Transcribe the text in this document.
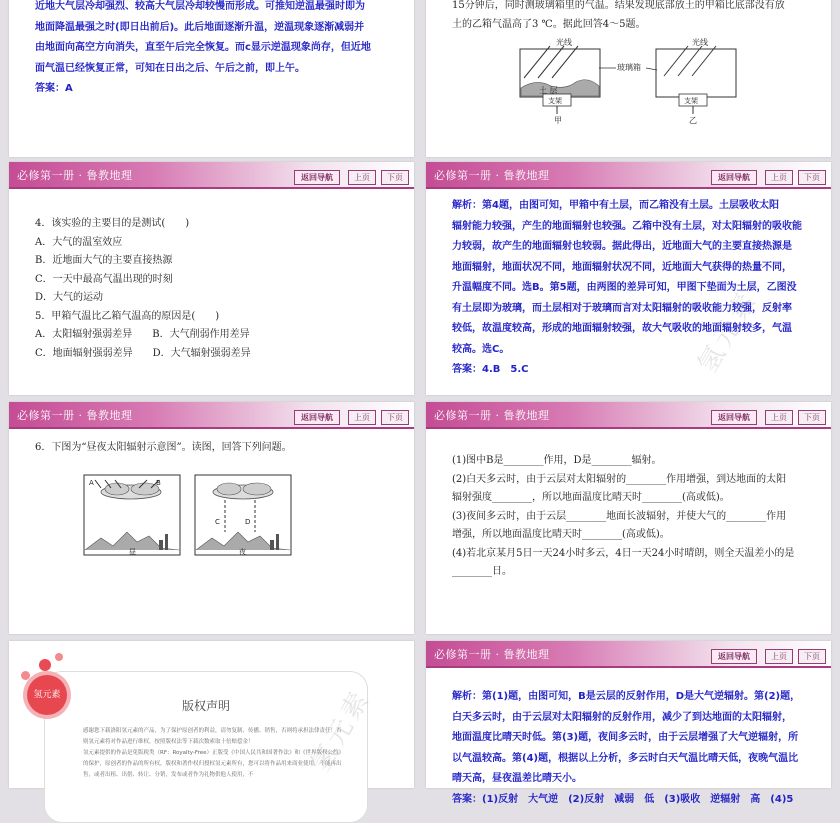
近地大气层冷却强烈、较高大气层冷却较慢而形成。可推知逆温最强时即为
地面降温最强之时(即日出前后)。此后地面逐渐升温，逆温现象逐渐减弱并
由地面向高空方向消失，直至午后完全恢复。而c显示逆温现象尚存，但近地
面气温已经恢复正常，可知在日出之后、午后之前，即上午。
答案：A
15分钟后，同时测玻璃箱里的气温。结果发现底部放土的甲箱比底部没有放
土的乙箱气温高了3 ℃。据此回答4～5题。
光线	光线
玻璃箱
土 层
支架	支架
甲	乙
必修第一册 · 鲁教地理	返回导航	上页	下页
4．该实验的主要目的是测试(　　)
A．大气的温室效应
B．近地面大气的主要直接热源
C．一天中最高气温出现的时刻
D．大气的运动
5．甲箱气温比乙箱气温高的原因是(　　)
A．太阳辐射强弱差异　　B．大气削弱作用差异
C．地面辐射强弱差异　　D．大气辐射强弱差异
必修第一册 · 鲁教地理	返回导航	上页	下页
氢元素
解析：第4题，由图可知，甲箱中有土层，而乙箱没有土层。土层吸收太阳
辐射能力较强，产生的地面辐射也较强。乙箱中没有土层，对太阳辐射的吸收能
力较弱，故产生的地面辐射也较弱。据此得出，近地面大气的主要直接热源是
地面辐射，地面状况不同，地面辐射状况不同，近地面大气获得的热量不同，
升温幅度不同。选B。第5题，由两图的差异可知，甲图下垫面为土层，乙图没
有土层即为玻璃，而土层相对于玻璃而言对太阳辐射的吸收能力较强，反射率
较低，故温度较高，形成的地面辐射较强，故大气吸收的地面辐射较多，气温
较高。选C。
答案：4.B　5.C
必修第一册 · 鲁教地理	返回导航	上页	下页
6．下图为“昼夜太阳辐射示意图”。读图，回答下列问题。
A	B
C	D
昼	夜
必修第一册 · 鲁教地理	返回导航	上页	下页
(1)图中B是________作用，D是________辐射。
(2)白天多云时，由于云层对太阳辐射的________作用增强，到达地面的太阳
辐射强度________，所以地面温度比晴天时________(高或低)。
(3)夜间多云时，由于云层________地面长波辐射，并使大气的________作用
增强，所以地面温度比晴天时________(高或低)。
(4)若北京某月5日一天24小时多云，4日一天24小时晴朗，则全天温差小的是
________日。
版权声明
感谢您下载洛阳氢元素的产品，为了保护原创者的利益，请勿复制、传播、销售，否则将承担法律责任！否则氢元素将对作品进行维权，按照版权法等下载次数索取十倍赔偿金！
氢元素提供的作品是免版税类（RF：Royalty-Free）正版受《中国人民共和国著作法》和《世界版权公约》的保护，原创者的作品的所有权，版权和著作权归授权氢元素所有，您可以将作品用来商业使用，不能再出售，或者出租、出借、转让、分销，发布或者作为礼物供他人使用，不
氢元素	氢元素
必修第一册 · 鲁教地理	返回导航	上页	下页
解析：第(1)题，由图可知，B是云层的反射作用，D是大气逆辐射。第(2)题，
白天多云时，由于云层对太阳辐射的反射作用，减少了到达地面的太阳辐射，
地面温度比晴天时低。第(3)题，夜间多云时，由于云层增强了大气逆辐射，所
以气温较高。第(4)题，根据以上分析，多云时白天气温比晴天低，夜晚气温比
晴天高，昼夜温差比晴天小。
答案：(1)反射　大气逆　(2)反射　减弱　低　(3)吸收　逆辐射　高　(4)5
